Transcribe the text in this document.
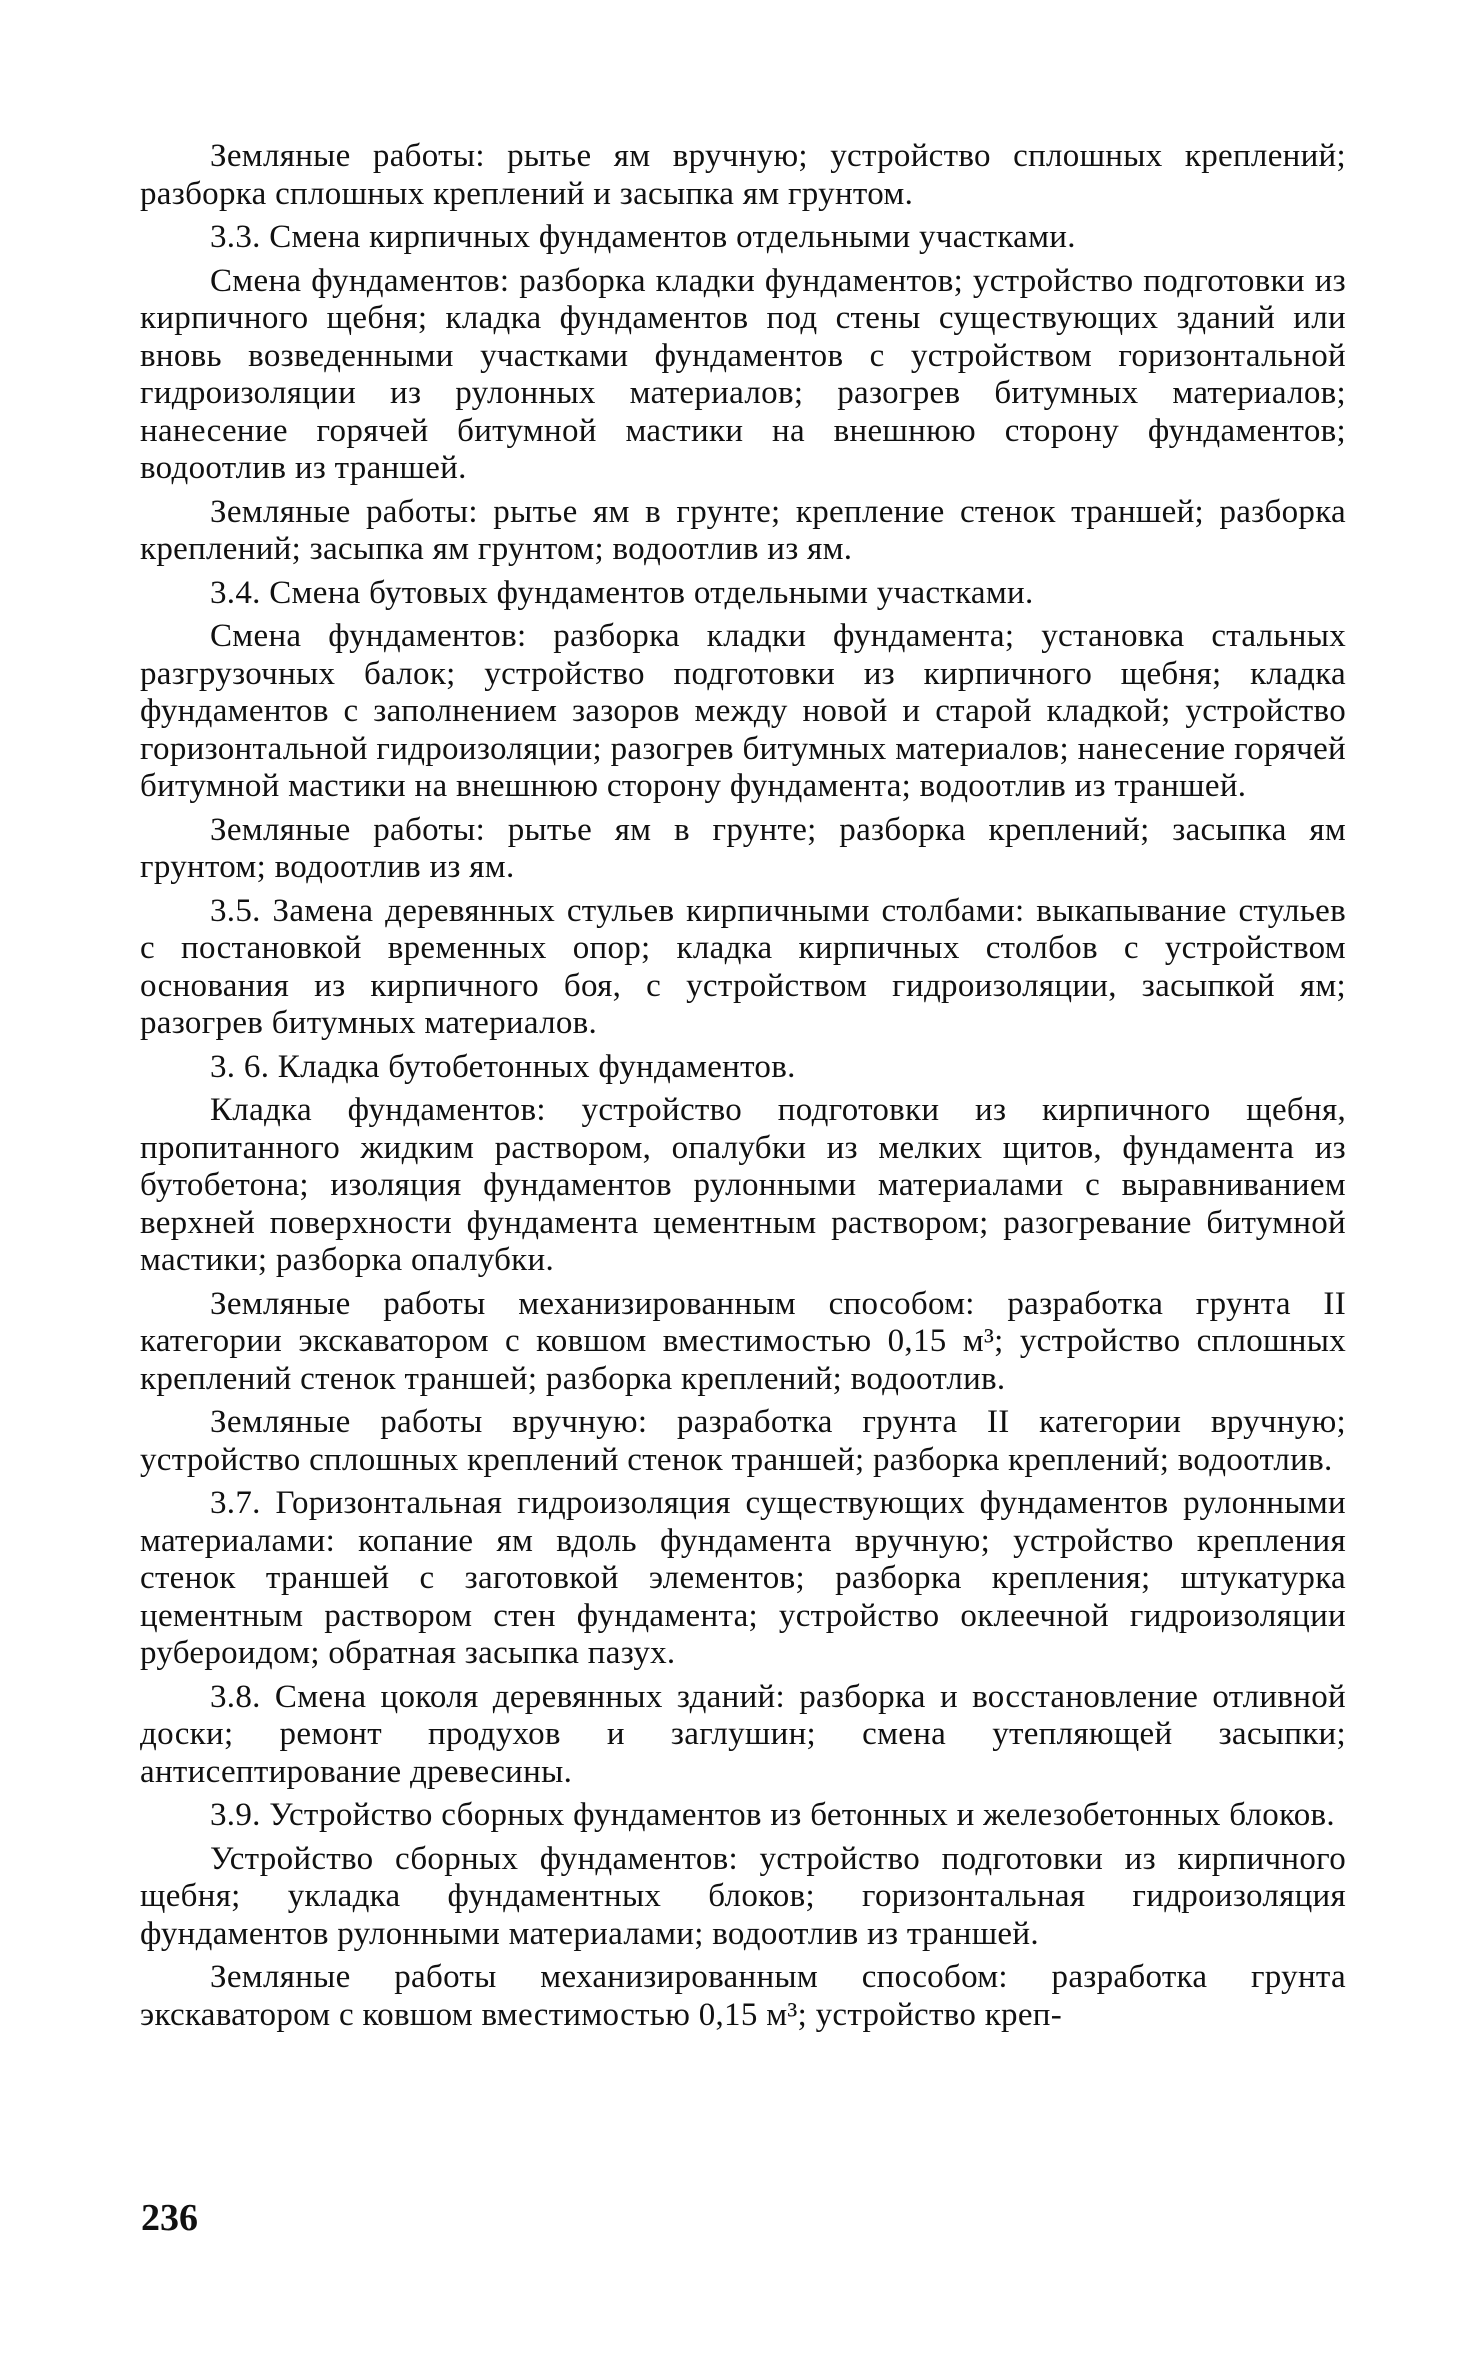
Земляные работы: рытье ям вручную; устройство сплошных креплений; разборка сплошных креплений и засыпка ям грунтом.

3.3. Смена кирпичных фундаментов отдельными участками.

Смена фундаментов: разборка кладки фундаментов; устройство подготовки из кирпичного щебня; кладка фундаментов под стены существующих зданий или вновь возведенными участками фундаментов с устройством горизонтальной гидроизоляции из рулонных материалов; разогрев битумных материалов; нанесение горячей битумной мастики на внешнюю сторону фундаментов; водоотлив из траншей.

Земляные работы: рытье ям в грунте; крепление стенок траншей; разборка креплений; засыпка ям грунтом; водоотлив из ям.

3.4. Смена бутовых фундаментов отдельными участками.

Смена фундаментов: разборка кладки фундамента; установка стальных разгрузочных балок; устройство подготовки из кирпичного щебня; кладка фундаментов с заполнением зазоров между новой и старой кладкой; устройство горизонтальной гидроизоляции; разогрев битумных материалов; нанесение горячей битумной мастики на внешнюю сторону фундамента; водоотлив из траншей.

Земляные работы: рытье ям в грунте; разборка креплений; засыпка ям грунтом; водоотлив из ям.

3.5. Замена деревянных стульев кирпичными столбами: выкапывание стульев с постановкой временных опор; кладка кирпичных столбов с устройством основания из кирпичного боя, с устройством гидроизоляции, засыпкой ям; разогрев битумных материалов.

3. 6. Кладка бутобетонных фундаментов.

Кладка фундаментов: устройство подготовки из кирпичного щебня, пропитанного жидким раствором, опалубки из мелких щитов, фундамента из бутобетона; изоляция фундаментов рулонными материалами с выравниванием верхней поверхности фундамента цементным раствором; разогревание битумной мастики; разборка опалубки.

Земляные работы механизированным способом: разработка грунта II категории экскаватором с ковшом вместимостью 0,15 м³; устройство сплошных креплений стенок траншей; разборка креплений; водоотлив.

Земляные работы вручную: разработка грунта II категории вручную; устройство сплошных креплений стенок траншей; разборка креплений; водоотлив.

3.7. Горизонтальная гидроизоляция существующих фундаментов рулонными материалами: копание ям вдоль фундамента вручную; устройство крепления стенок траншей с заготовкой элементов; разборка крепления; штукатурка цементным раствором стен фундамента; устройство оклеечной гидроизоляции рубероидом; обратная засыпка пазух.

3.8. Смена цоколя деревянных зданий: разборка и восстановление отливной доски; ремонт продухов и заглушин; смена утепляющей засыпки; антисептирование древесины.

3.9. Устройство сборных фундаментов из бетонных и железобетонных блоков.

Устройство сборных фундаментов: устройство подготовки из кирпичного щебня; укладка фундаментных блоков; горизонтальная гидроизоляция фундаментов рулонными материалами; водоотлив из траншей.

Земляные работы механизированным способом: разработка грунта экскаватором с ковшом вместимостью 0,15 м³; устройство креп-

236
